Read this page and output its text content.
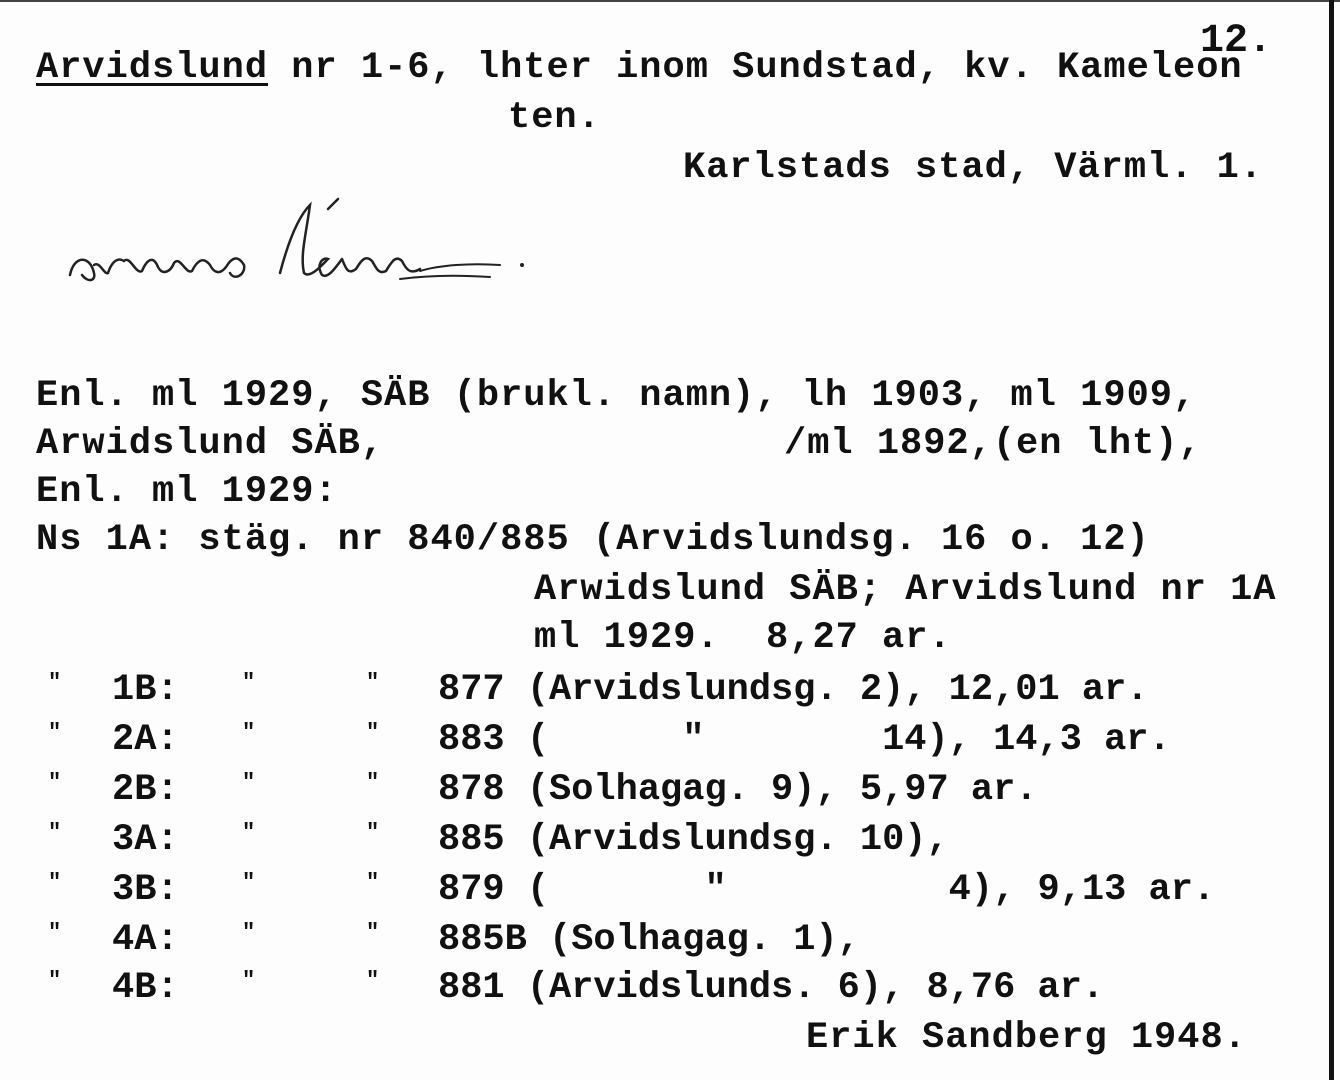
12.
Arvidslund nr 1-6, lhter inom Sundstad, kv. Kameleon
ten.
Karlstads stad, Värml. 1.
Enl. ml 1929, SÄB (brukl. namn), lh 1903, ml 1909,
Arwidslund SÄB,	/ml 1892,(en lht),
Enl. ml 1929:
Ns 1A: stäg. nr 840/885 (Arvidslundsg. 16 o. 12)
Arwidslund SÄB; Arvidslund nr 1A
ml 1929.  8,27 ar.
" 1B:	"	" 877 (Arvidslundsg. 2), 12,01 ar.
" 2A:	"	" 883 (      "        14), 14,3 ar.
" 2B:	"	" 878 (Solhagag. 9), 5,97 ar.
" 3A:	"	" 885 (Arvidslundsg. 10),
" 3B:	"	" 879 (       "          4), 9,13 ar.
" 4A:	"	" 885B (Solhagag. 1),
" 4B:	"	" 881 (Arvidslunds. 6), 8,76 ar.
Erik Sandberg 1948.
